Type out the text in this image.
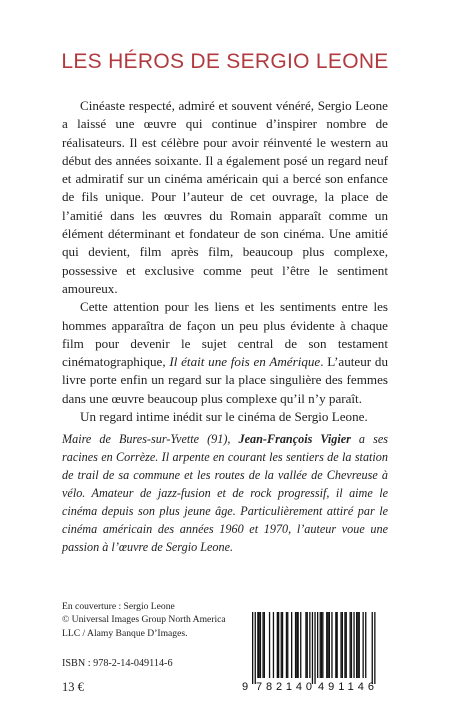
LES HÉROS DE SERGIO LEONE

Cinéaste respecté, admiré et souvent vénéré, Sergio Leone a laissé une œuvre qui continue d’inspirer nombre de réalisateurs. Il est célèbre pour avoir réinventé le western au début des années soixante. Il a également posé un regard neuf et admiratif sur un cinéma américain qui a bercé son enfance de fils unique. Pour l’auteur de cet ouvrage, la place de l’amitié dans les œuvres du Romain apparaît comme un élément déterminant et fondateur de son cinéma. Une amitié qui devient, film après film, beaucoup plus complexe, possessive et exclusive comme peut l’être le sentiment amoureux.

Cette attention pour les liens et les sentiments entre les hommes apparaîtra de façon un peu plus évidente à chaque film pour devenir le sujet central de son testament cinématographique, Il était une fois en Amérique. L’auteur du livre porte enfin un regard sur la place singulière des femmes dans une œuvre beaucoup plus complexe qu’il n’y paraît.

Un regard intime inédit sur le cinéma de Sergio Leone.

Maire de Bures-sur-Yvette (91), Jean-François Vigier a ses racines en Corrèze. Il arpente en courant les sentiers de la station de trail de sa commune et les routes de la vallée de Chevreuse à vélo. Amateur de jazz-fusion et de rock progressif, il aime le cinéma depuis son plus jeune âge. Particulièrement attiré par le cinéma américain des années 1960 et 1970, l’auteur voue une passion à l’œuvre de Sergio Leone.

En couverture : Sergio Leone
© Universal Images Group North America
LLC / Alamy Banque D’Images.
ISBN : 978-2-14-049114-6
13 €	9 782140 491146
